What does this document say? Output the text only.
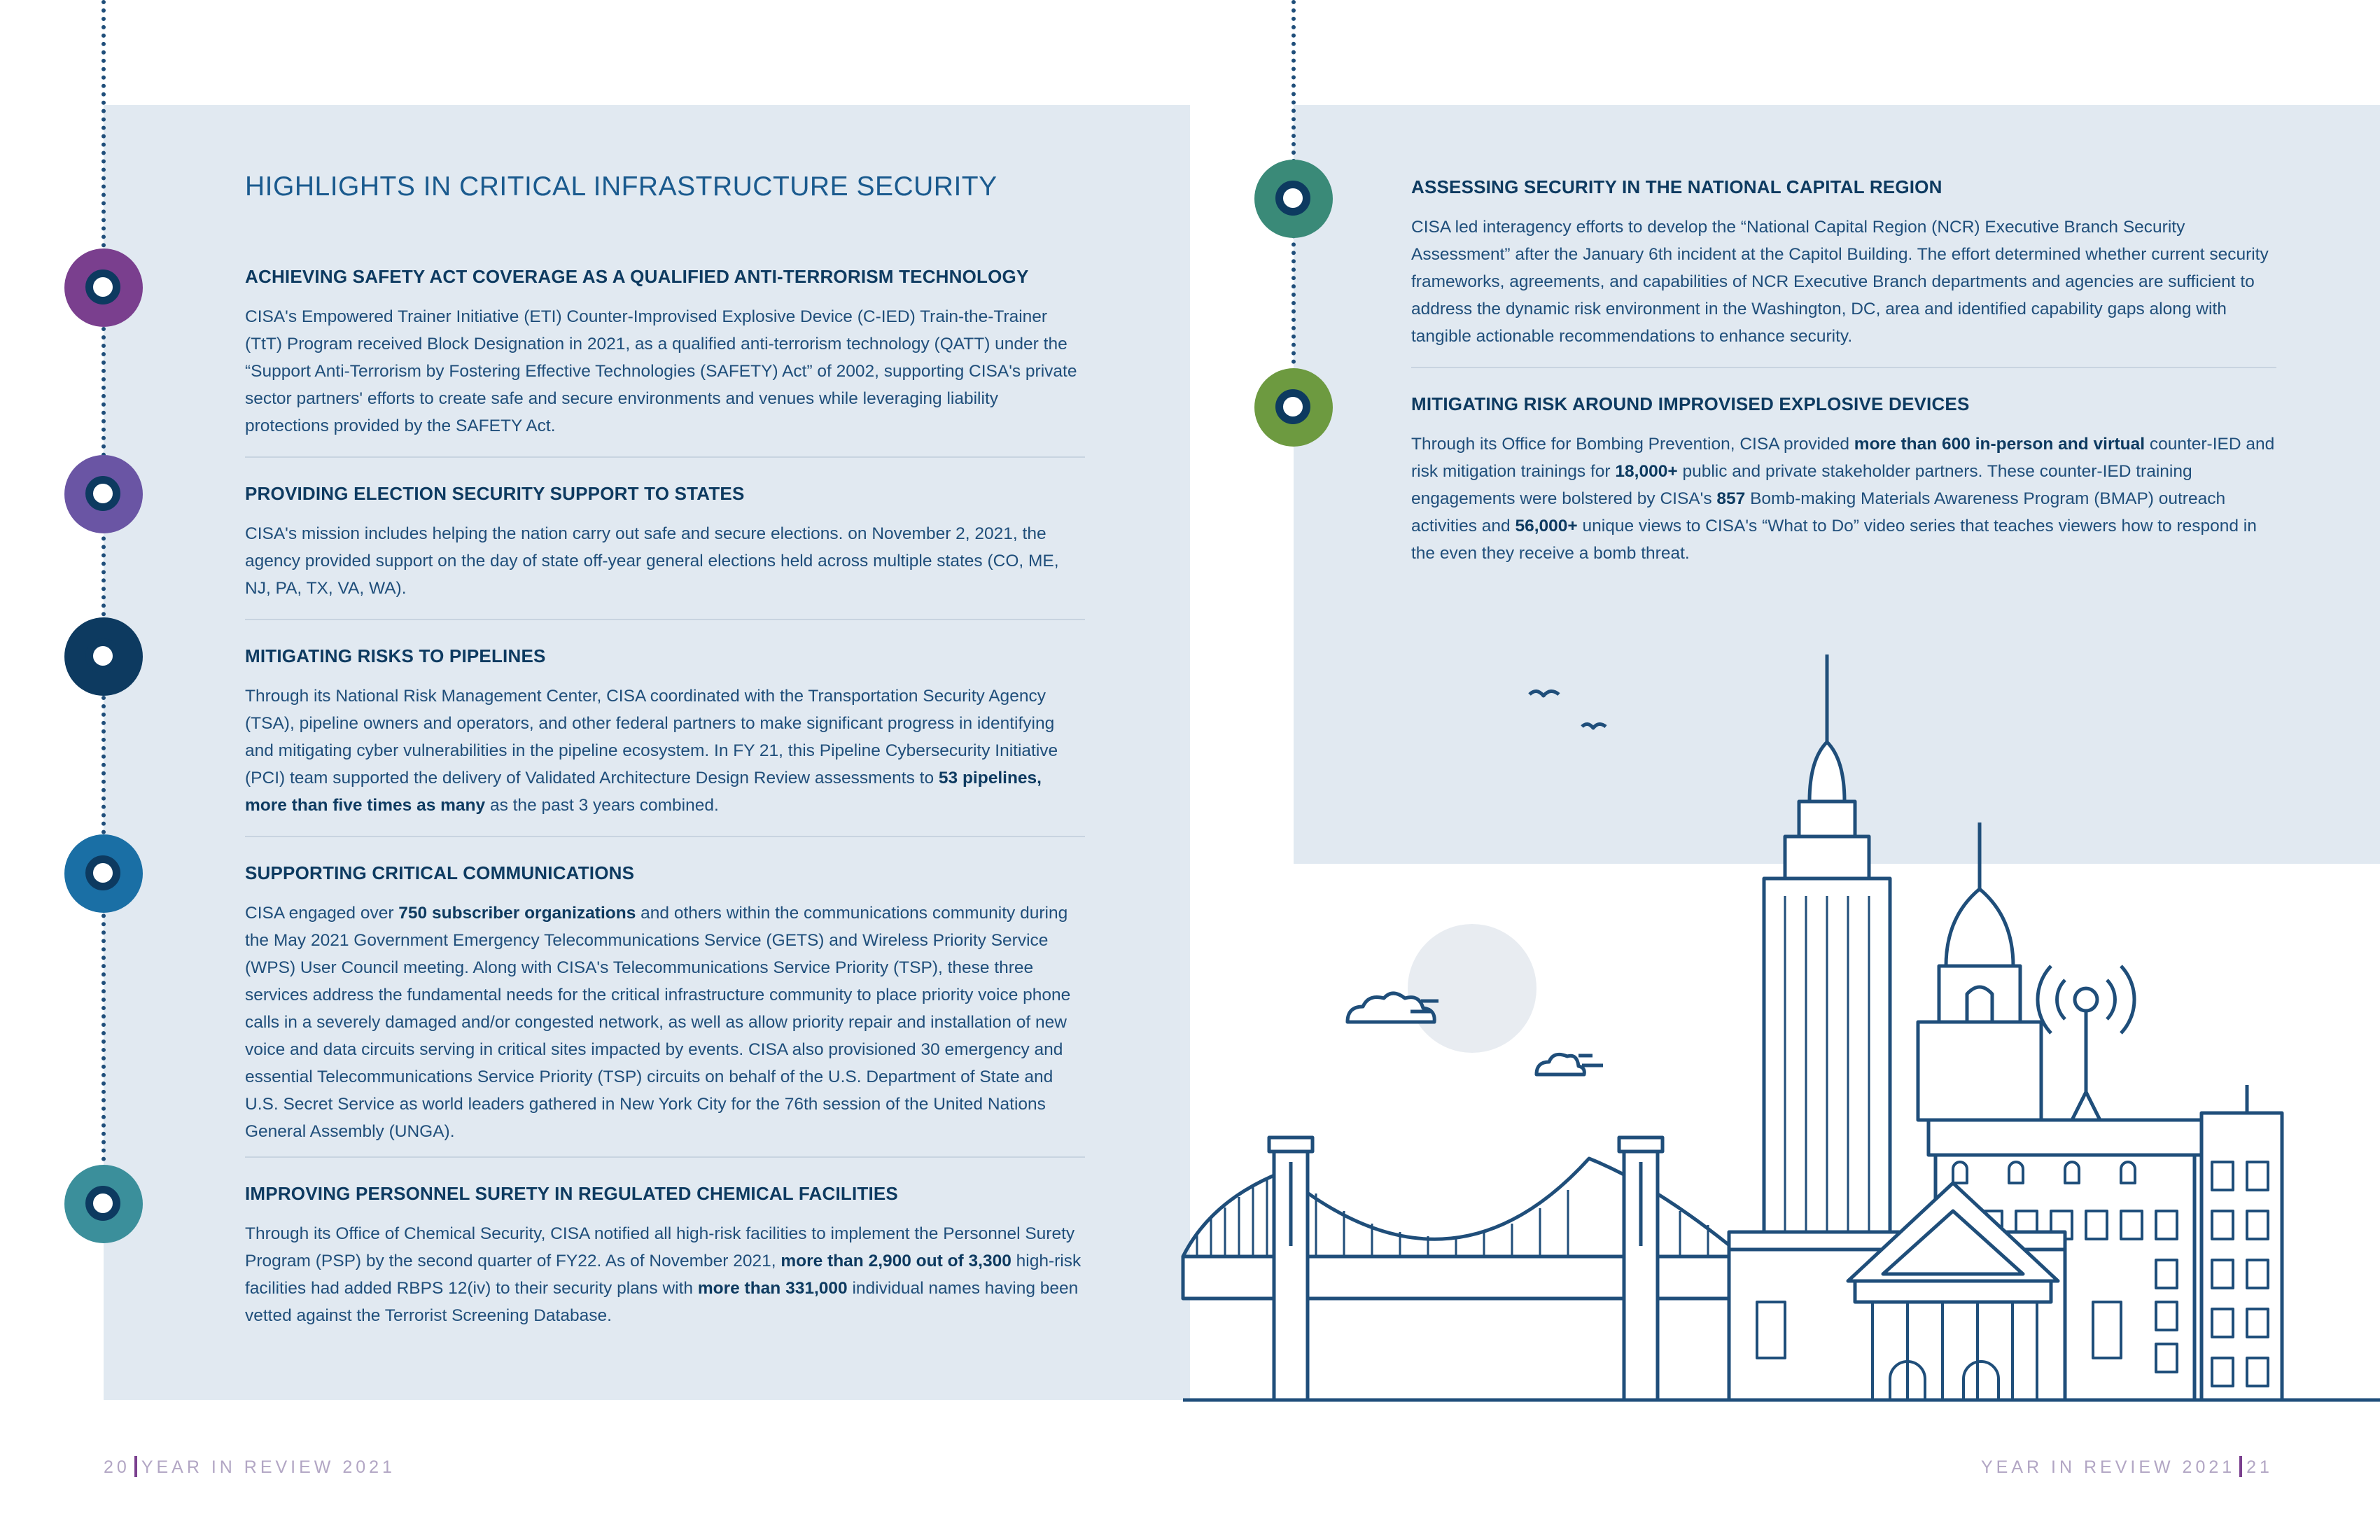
HIGHLIGHTS IN CRITICAL INFRASTRUCTURE SECURITY
ACHIEVING SAFETY ACT COVERAGE AS A QUALIFIED ANTI-TERRORISM TECHNOLOGY

CISA's Empowered Trainer Initiative (ETI) Counter-Improvised Explosive Device (C-IED) Train-the-Trainer (TtT) Program received Block Designation in 2021, as a qualified anti-terrorism technology (QATT) under the “Support Anti-Terrorism by Fostering Effective Technologies (SAFETY) Act” of 2002, supporting CISA's private sector partners' efforts to create safe and secure environments and venues while leveraging liability protections provided by the SAFETY Act.

PROVIDING ELECTION SECURITY SUPPORT TO STATES

CISA's mission includes helping the nation carry out safe and secure elections. on November 2, 2021, the agency provided support on the day of state off-year general elections held across multiple states (CO, ME, NJ, PA, TX, VA, WA).

MITIGATING RISKS TO PIPELINES

Through its National Risk Management Center, CISA coordinated with the Transportation Security Agency (TSA), pipeline owners and operators, and other federal partners to make significant progress in identifying and mitigating cyber vulnerabilities in the pipeline ecosystem. In FY 21, this Pipeline Cybersecurity Initiative (PCI) team supported the delivery of Validated Architecture Design Review assessments to 53 pipelines, more than five times as many as the past 3 years combined.

SUPPORTING CRITICAL COMMUNICATIONS

CISA engaged over 750 subscriber organizations and others within the communications community during the May 2021 Government Emergency Telecommunications Service (GETS) and Wireless Priority Service (WPS) User Council meeting. Along with CISA's Telecommunications Service Priority (TSP), these three services address the fundamental needs for the critical infrastructure community to place priority voice phone calls in a severely damaged and/or congested network, as well as allow priority repair and installation of new voice and data circuits serving in critical sites impacted by events. CISA also provisioned 30 emergency and essential Telecommunications Service Priority (TSP) circuits on behalf of the U.S. Department of State and U.S. Secret Service as world leaders gathered in New York City for the 76th session of the United Nations General Assembly (UNGA).

IMPROVING PERSONNEL SURETY IN REGULATED CHEMICAL FACILITIES

Through its Office of Chemical Security, CISA notified all high-risk facilities to implement the Personnel Surety Program (PSP) by the second quarter of FY22. As of November 2021, more than 2,900 out of 3,300 high-risk facilities had added RBPS 12(iv) to their security plans with more than 331,000 individual names having been vetted against the Terrorist Screening Database.

ASSESSING SECURITY IN THE NATIONAL CAPITAL REGION

CISA led interagency efforts to develop the “National Capital Region (NCR) Executive Branch Security Assessment” after the January 6th incident at the Capitol Building. The effort determined whether current security frameworks, agreements, and capabilities of NCR Executive Branch departments and agencies are sufficient to address the dynamic risk environment in the Washington, DC, area and identified capability gaps along with tangible actionable recommendations to enhance security.

MITIGATING RISK AROUND IMPROVISED EXPLOSIVE DEVICES

Through its Office for Bombing Prevention, CISA provided more than 600 in-person and virtual counter-IED and risk mitigation trainings for 18,000+ public and private stakeholder partners. These counter-IED training engagements were bolstered by CISA's 857 Bomb-making Materials Awareness Program (BMAP) outreach activities and 56,000+ unique views to CISA's “What to Do” video series that teaches viewers how to respond in the even they receive a bomb threat.

20 YEAR IN REVIEW 2021	YEAR IN REVIEW 2021 21
